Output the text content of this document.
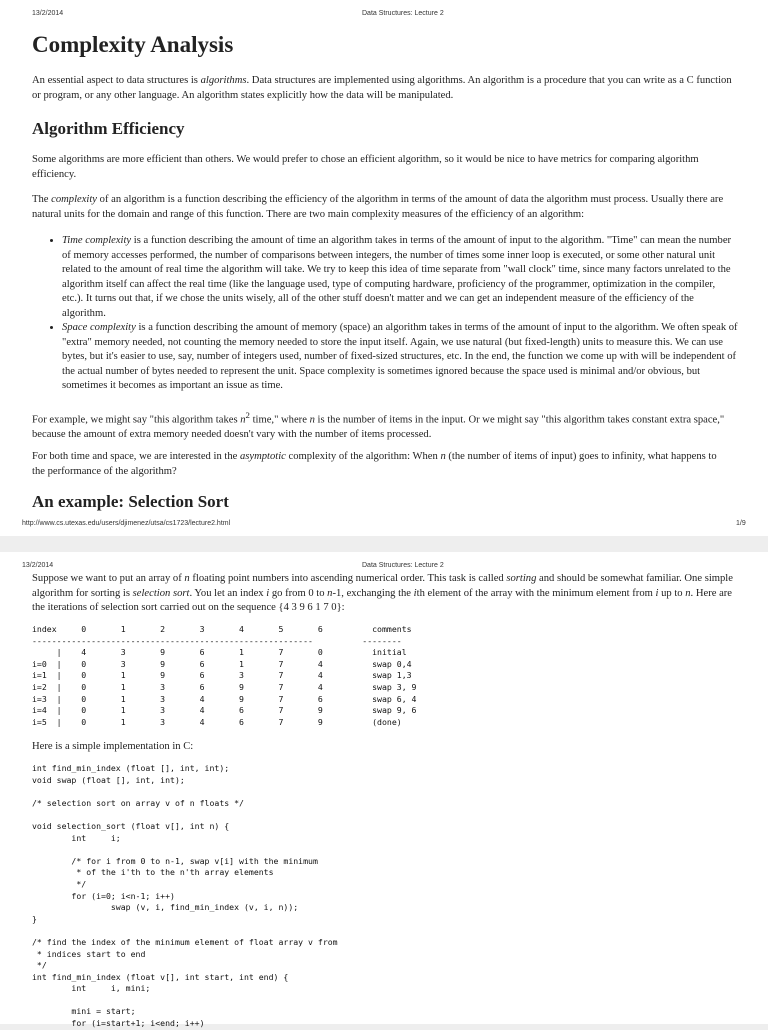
13/2/2014	Data Structures: Lecture 2
Complexity Analysis

An essential aspect to data structures is algorithms. Data structures are implemented using algorithms. An algorithm is a procedure that you can write as a C function or program, or any other language. An algorithm states explicitly how the data will be manipulated.

Algorithm Efficiency

Some algorithms are more efficient than others. We would prefer to chose an efficient algorithm, so it would be nice to have metrics for comparing algorithm efficiency.

The complexity of an algorithm is a function describing the efficiency of the algorithm in terms of the amount of data the algorithm must process. Usually there are natural units for the domain and range of this function. There are two main complexity measures of the efficiency of an algorithm:

• Time complexity is a function describing the amount of time an algorithm takes in terms of the amount of input to the algorithm. "Time" can mean the number of memory accesses performed, the number of comparisons between integers, the number of times some inner loop is executed, or some other natural unit related to the amount of real time the algorithm will take. We try to keep this idea of time separate from "wall clock" time, since many factors unrelated to the algorithm itself can affect the real time (like the language used, type of computing hardware, proficiency of the programmer, optimization in the compiler, etc.). It turns out that, if we chose the units wisely, all of the other stuff doesn't matter and we can get an independent measure of the efficiency of the algorithm.
• Space complexity is a function describing the amount of memory (space) an algorithm takes in terms of the amount of input to the algorithm. We often speak of "extra" memory needed, not counting the memory needed to store the input itself. Again, we use natural (but fixed-length) units to measure this. We can use bytes, but it's easier to use, say, number of integers used, number of fixed-sized structures, etc. In the end, the function we come up with will be independent of the actual number of bytes needed to represent the unit. Space complexity is sometimes ignored because the space used is minimal and/or obvious, but sometimes it becomes as important an issue as time.

For example, we might say "this algorithm takes $n^2$ time," where n is the number of items in the input. Or we might say "this algorithm takes constant extra space," because the amount of extra memory needed doesn't vary with the number of items processed.

For both time and space, we are interested in the asymptotic complexity of the algorithm: When n (the number of items of input) goes to infinity, what happens to the performance of the algorithm?

An example: Selection Sort
http://www.cs.utexas.edu/users/djimenez/utsa/cs1723/lecture2.html	1/9
13/2/2014	Data Structures: Lecture 2

Suppose we want to put an array of n floating point numbers into ascending numerical order. This task is called sorting and should be somewhat familiar. One simple algorithm for sorting is selection sort. You let an index i go from 0 to n-1, exchanging the ith element of the array with the minimum element from i up to n. Here are the iterations of selection sort carried out on the sequence {4 3 9 6 1 7 0}:

index     0       1       2       3       4       5       6          comments
---------------------------------------------------------          --------
|    4       3       9       6       1       7       0          initial
i=0  |    0       3       9       6       1       7       4          swap 0,4
i=1  |    0       1       9       6       3       7       4          swap 1,3
i=2  |    0       1       3       6       9       7       4          swap 3, 9
i=3  |    0       1       3       4       9       7       6          swap 6, 4
i=4  |    0       1       3       4       6       7       9          swap 9, 6
i=5  |    0       1       3       4       6       7       9          (done)

Here is a simple implementation in C:

int find_min_index (float [], int, int);
void swap (float [], int, int);

/* selection sort on array v of n floats */

void selection_sort (float v[], int n) {
int     i;

/* for i from 0 to n-1, swap v[i] with the minimum
* of the i'th to the n'th array elements
*/
for (i=0; i<n-1; i++)
swap (v, i, find_min_index (v, i, n));
}

/* find the index of the minimum element of float array v from
* indices start to end
*/
int find_min_index (float v[], int start, int end) {
int     i, mini;

mini = start;
for (i=start+1; i<end; i++)
